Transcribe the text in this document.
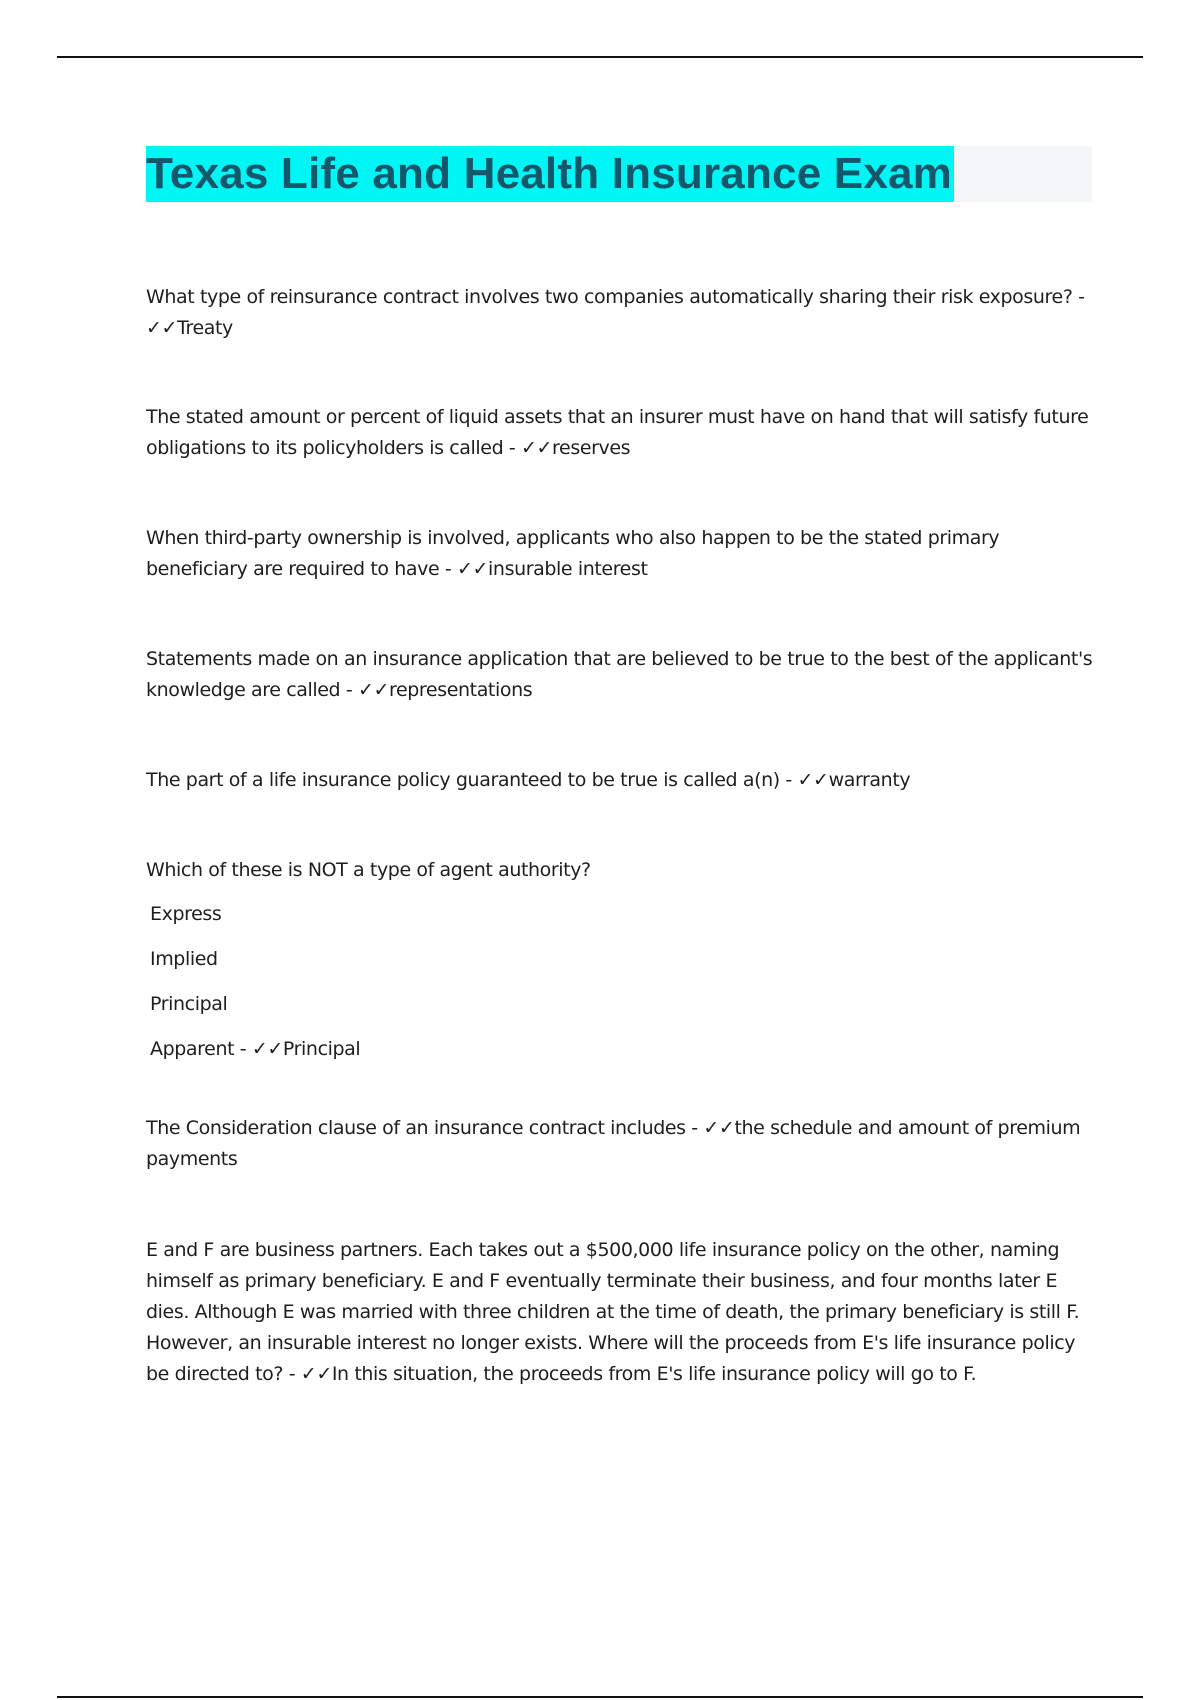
Texas Life and Health Insurance Exam
What type of reinsurance contract involves two companies automatically sharing their risk exposure? -
✓✓Treaty
The stated amount or percent of liquid assets that an insurer must have on hand that will satisfy future obligations to its policyholders is called - ✓✓reserves
When third-party ownership is involved, applicants who also happen to be the stated primary beneficiary are required to have - ✓✓insurable interest
Statements made on an insurance application that are believed to be true to the best of the applicant's knowledge are called - ✓✓representations
The part of a life insurance policy guaranteed to be true is called a(n) - ✓✓warranty
Which of these is NOT a type of agent authority?
Express
Implied
Principal
Apparent - ✓✓Principal
The Consideration clause of an insurance contract includes - ✓✓the schedule and amount of premium payments
E and F are business partners. Each takes out a $500,000 life insurance policy on the other, naming himself as primary beneficiary. E and F eventually terminate their business, and four months later E dies. Although E was married with three children at the time of death, the primary beneficiary is still F. However, an insurable interest no longer exists. Where will the proceeds from E's life insurance policy be directed to? - ✓✓In this situation, the proceeds from E's life insurance policy will go to F.
